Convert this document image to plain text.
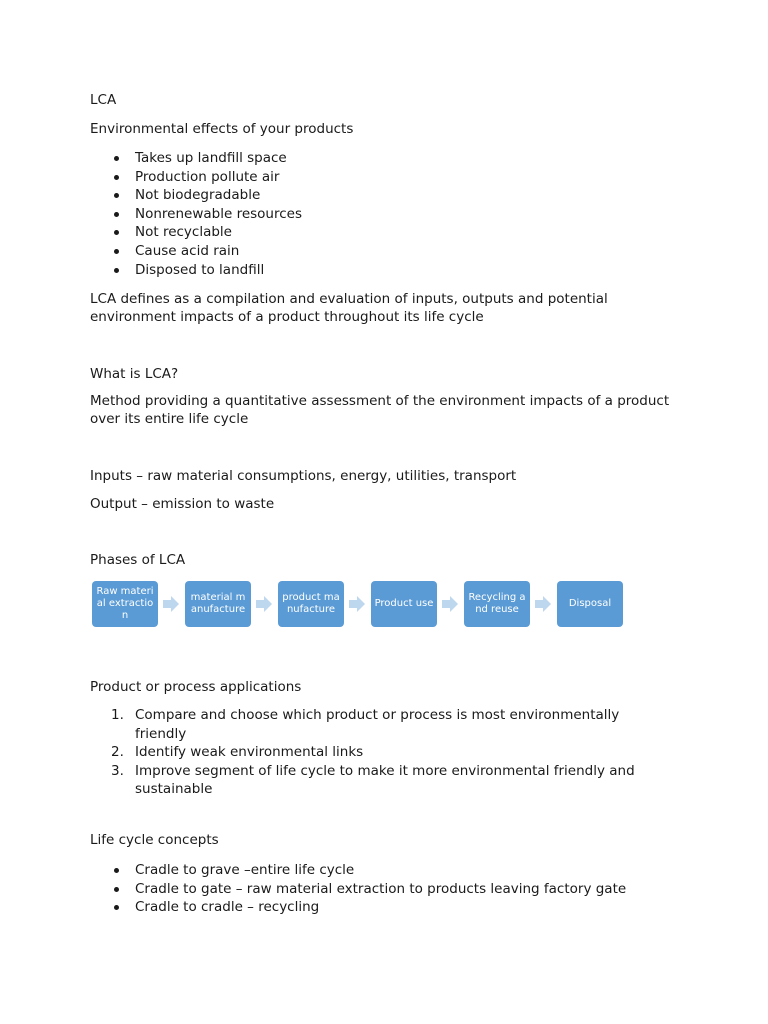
LCA
Environmental effects of your products
Takes up landfill space
Production pollute air
Not biodegradable
Nonrenewable resources
Not recyclable
Cause acid rain
Disposed to landfill
LCA defines as a compilation and evaluation of inputs, outputs and potential environment impacts of a product throughout its life cycle
What is LCA?
Method providing a quantitative assessment of the environment impacts of a product over its entire life cycle
Inputs – raw material consumptions, energy, utilities, transport
Output – emission to waste
Phases of LCA
Raw material extraction
material manufacture
product manufacture
Product use
Recycling and reuse
Disposal
Product or process applications
1. Compare and choose which product or process is most environmentally friendly
2. Identify weak environmental links
3. Improve segment of life cycle to make it more environmental friendly and sustainable
Life cycle concepts
Cradle to grave –entire life cycle
Cradle to gate – raw material extraction to products leaving factory gate
Cradle to cradle – recycling
